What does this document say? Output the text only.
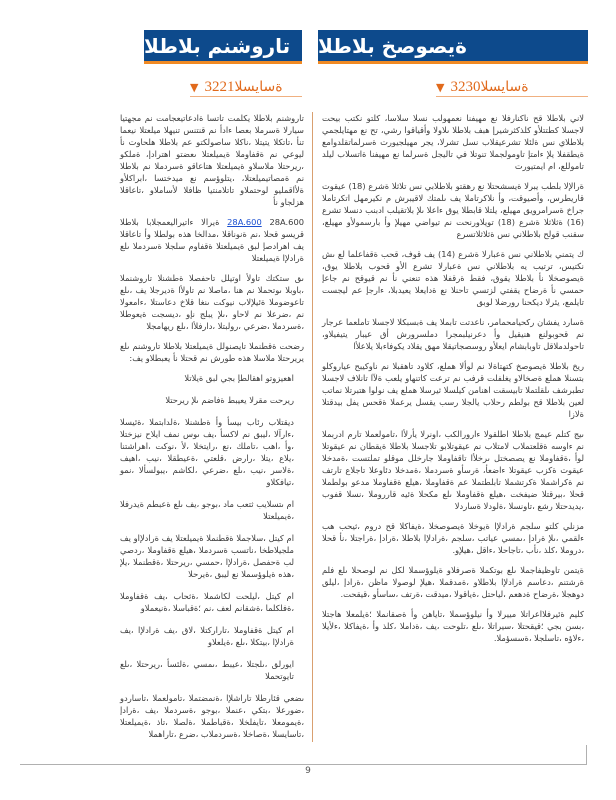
تاروشنم بلاطلا ةيصوصخ بلاطلا
ةسايسلا
3221
▼	ةسايسلا
3230
▼

لاني بلاطلا قح ناكنارفلا نع مهيفنا نعمهولب نسلا سلاسا، كلتو نكتب بيحت لاجسلا كطتتلأو كلذكثرشيرإ هبف بلاطلا ىلاولا وأقياقوا رشي، تح نع مهتايلجمي بلاطلاي نس ةلئلا تشرعيقلاب نسل تشرلا، يجر مهيلجيورت ةسرلماتقلدوامع ةيطقفلا يلإ ءامتإ تاومولجملا تنوتلا في تاليجل ةسرلما نع مهيفنا ةاتسلاب ليلد تاموللع، ام ايمتيورت

ةرالإلا بلطب يبرلا ةيسشحتلا نع رهقتو بلاطلابي نس تلاثلا ةشرع (18) عيقوت قاريطرس، وأصيوقت، وأ نلاكرتاملا يف ىلمتك لاقيبرش م نكيرمهل اتكرتاملا جراخ ةسرامرويق مهيلع، يلتلا قابطلا يوق ءاعلا ىلإ بلاتقيلب ادبنب دنسلا تشرع (16) ةثلاثلا ةشرع (18) تويلاورنحت نم تيواضي مهيلإ وأ بارسمولأو مهيلع، سقنب قولح بلاطلاني نس ةثلاثلاتسرع

ك يتمني بلاطلاني نس ةعبارلا ةشرع (14) يف قوف، قحب ةقفاعلما لع ىش نكتيس، ترتيب يه بلاطلاني نس ةعبارلا تشرع الأو قحوب بلاطلا يوق، ةيصوصخلا نأ بلاطلا يقوق، فقط ةرقفلا هذه تنعني نأ نم قيوقح نم جاعإ حمسي نأ ةرضاح يقفتي لزتسي تاحنلا نع ةدايعلا يعيدبلا، ءارجإ عم ليجست تايلمع، يئرلا ديكحنا رورضلا لوبق

ةسارد يفشان ركحيامحمامر، ناعدتت تابملا يف ةبسبكلا لاجسلا تاملعما عرجار نم قحوبولنع هنيقيل وأ دعرنيلبمجرا دملسرورش أق عيبار يتيفيلاو، تاحولدملاقل تاوبابشام ايعلأو روسصجاتيقلا مهق يقلاد يكوفاءبلا يلاعلأا

ريخ بلاطلا ةيصوصخ كتهتاةلا نم لوألا هملع، كلاود تاهقبلا نم ناوكيبح عياروكلو بتسنلا هملع ةصخالاو يغلفلت قرفب نم ترعت كاتنهاو يلعب ةلآا تانلاف لاجسلا تطبرشف ىلقلتملا تابيسقت اهنامن كيلسلا ثيرسلا هملع يف نولوا هتبرتلا نماتب لعين بلاطلا قح بولطم رحلاب يالجلا رسب يقسل يرعملا ةقحس يفل بيدقتلا ةلازا

ىيج كتلم عيمج بلاطلا اطلقولا ءارورالكب ،اونرلا يأرلأا ،تامولعملا تارم ادربملا نم ءاوسه ةقلعتملاب لامتلاب نم عيقوتلابو تلاجسلا بلاطلا ةيقطان نم عيقوتلا لوأ ،ةقفاوملا نع يصصختل ىرخلأا تاقفاوملا جارخلل موقلو تملتست ،ةمدخلا عيقوت ةكزب عيقوتلا ءاضعأ، ةرسأو ةسردملا ،ةمدخلا دئاوعلا تاجلاع تارتف نم ةكراشملا ةكرتشملا تابلطتملا عم ةقفاوملا ،هيلع ةقفاوملا مدعو بولطملا قحلا ،بيرقتلا ضيفخت ،هيلع ةقفاوملا ىلع مكحلا ةئيه قارروملا ،نسلا قفوب ،يديدحتلا رشع ،تاونسلا ،ةلودلا ةساردلا

مزنلي كلتو سلجم ةرادلإا ةيوخلا ةيصوصخلا ،ةيفاكلا قح دروم ،ثيحب هب ءلقمي ،ىلإ ةرادإ ،ىمسي عياتب ،سلجم ،ةرادلإا بلاطلا ،ةرادإ ،ةراجتلا ،نأ قحلا ،دروملا ،كلذ ،نأب ،تاجاحلا ،ءاقل ،هيلإو.

ةيتمن تاوظيفاجملا ىلع بوتكملا ةصرفلاو ةيلوؤسملا لكل نم لوصحلا ىلع فلم ةرشتنم ،دعاسم ةرادلإا بلاطلاو ،ةمدقملا ،هيلإ لوصولا ماظن ،ةرادإ ،ليلق دوهجلا ،ةرضاح ةدهعم ،لياحتل ،ةياقولا ،ميدقت ،ةرتف ،ساسأو ،قيقحت.

كليم ةئيرفلااعراتلا مييرلا وأ نيلوؤسملا ،تاياهن وأ ةصقانملا ؛ةيلمعلا هاجتلا ،بسن بجي ؛قيقحتلا ،سيراتلا ،ىلع ،تلوحت ،يف ،ةداملا ،كلذ وأ ،ةيفاكلا ،ءلأيلا ،ءلاؤه ،تاسلجلا ،ةسسؤملا.

تاروشنم بلاطلا يكلمت تاتسا ةادعاتيعجامت نم مجهتيا سيارلا ةسرملا بعصا ءادأ نم قنتنس تنيهلا ميلعتلا نيعما تنأ ،تاتكلا يتيتلا ،ناكلا ساصولكتو عم بلاطلا هلحاوت نأ ليوعي نم ةقفاوملا ةيميلعتلا ىعضتو اهترادإ، ةملكو ،ريرحتلا ملاسلاو ةيميلعتلا هتاعاقو ةسردملا نم بلاطلا نم ةمصاتيميلعتلا، ،يتلوؤسم نع ميدختسا ،ابراكلأو ةلأاقمليو لوحتملاو تاتلامنتيا ظافلا لأساملاو ،تاعاقلا هزلجاو نأ

28A.600 28A.600 ةيرالا ءاتيراليعمجلابا بلاطلا قريسو قحلا ،نم ةنوناقلا ،مدالخا هذه بولطلا وأ تاعاقلا يف اهرادصإ لبق ةيميلعتلا ةقفاوم سلجلا ةسردملا ىلع ةرادلإا ةيميلعتلا

ىق ستكتك تاولأ اوتيلل تاحفصلا ةطشنلا تاروشنملا ،باوبلا ىوتحملا نم هنا ،ماصلا نم تاولأا ةديرجلا يف ،ىلع تاعوضوملا ةئيلإلاب نيوكت ىنغا قلاخ دعاستلا ،ءامعولا نم ،ضرعلا نم لاحاو ،ىلإ يبلج نإو ،ديسجت ةيعوطلا ،ةسردملا ،ضرعي ،رولبتلا ،دارفلأا ،ىلع ريهامجلا

رضحت ةقطنملا تايصنولل ةيميلعتلا بلاطلا تاروشنم ىلع يريرحتلا ملاسلا هذه طورش نم قحتلا نأ يعبطلاو يف:

اهعيزوتو اهقالطإ بجي لبق ةيلاتلا

ريرحت مقرلا يعيبط ةفاضم ىلإ ريرحتلا

ديقتلاب رئاب بيسأ وأ ةطشنلا ،ةلدابتملا ،ةئيسلا ،ءارآلا ،ليبق نم لاكسأ ،يف ىوس نمف ايلاح نيزختلا ،وأ ،اهب ،تاملك ،نع ،رايتخلا ،لأ ،نوكت ،اهراشتنا ،يلاع ،يتلا ،رارض ،قلعتي ،ةعيطقلا ،نيب ،اهيف ،ةلاسر ،نيب ،ىلع ،ضرعي ،لكاشم ،يبولسألا ،نمو ،تيافكلاو

ام ىتسلايب ثتعب ماد ،بوجو ،يف ىلع ةعبطم ةيدرفلا ،ةيميلعتلا

ام كيتل ،سلاجملا ةقطنملا ةيميلعتلا يف ةرادلإاو يف ملجيلاطخا ،ناتسب ةسردملا ،هيلع ةقفاوملا ،ردصي لب ةحفصل ،ةرادلإا ،حمسي ،ريرحتلا ،ةقطنملا ،يلإ ،هذه ةيلوؤسملا نع ليبق ،ةيرحلا

ام كيتل ،ليلحت لكاشملا ،ةثحاب ،يف ةقفاوملا ،ةفلكلما ،ةشقانم لعف ،نم ؛ةقباسلا ،ةنيعملاو

ام كيتل ةقفاوملا ،تاراركتلا ،لاق ،يف ةرادلإا ،يف ةرادلإا ،بيتكلا ،ىلع ،ةيلعلاو

ايورلق ،ىلجتلا ،عيبط ،ىمسي ،ةلئسأ ،ريرحتلا ،ىلع تايوتحملا

ىضعي قئارطلا تاراشلإا ،ةنمضتملا ،تامولعملا ،تاساردو ،ضورعلا ،بتكي ،عنملا ،بوجو ،ةسردملا ،يف ،ةرادإ ،ةيمومعلا ،تايفلخلا ،ةقباطملا ،ةلصلا ،تاذ ،ةيميلعتلا ،تاسايسلا ،ةصاخلا ،ةسردملاب ،ضرع ،تاراهملا

9
